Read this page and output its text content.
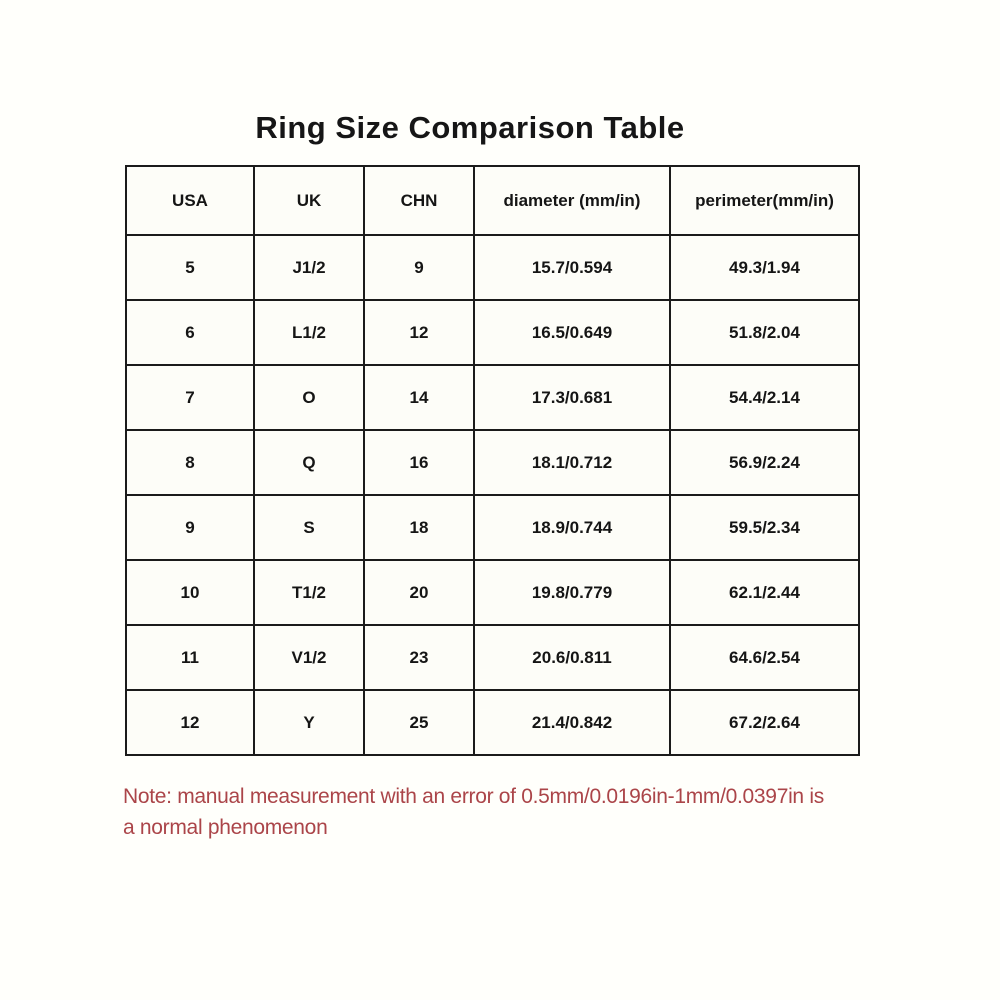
Ring Size Comparison Table
USA	UK	CHN	diameter (mm/in)	perimeter(mm/in)
5	J1/2	9	15.7/0.594	49.3/1.94
6	L1/2	12	16.5/0.649	51.8/2.04
7	O	14	17.3/0.681	54.4/2.14
8	Q	16	18.1/0.712	56.9/2.24
9	S	18	18.9/0.744	59.5/2.34
10	T1/2	20	19.8/0.779	62.1/2.44
11	V1/2	23	20.6/0.811	64.6/2.54
12	Y	25	21.4/0.842	67.2/2.64
Note: manual measurement with an error of 0.5mm/0.0196in-1mm/0.0397in is
a normal phenomenon
